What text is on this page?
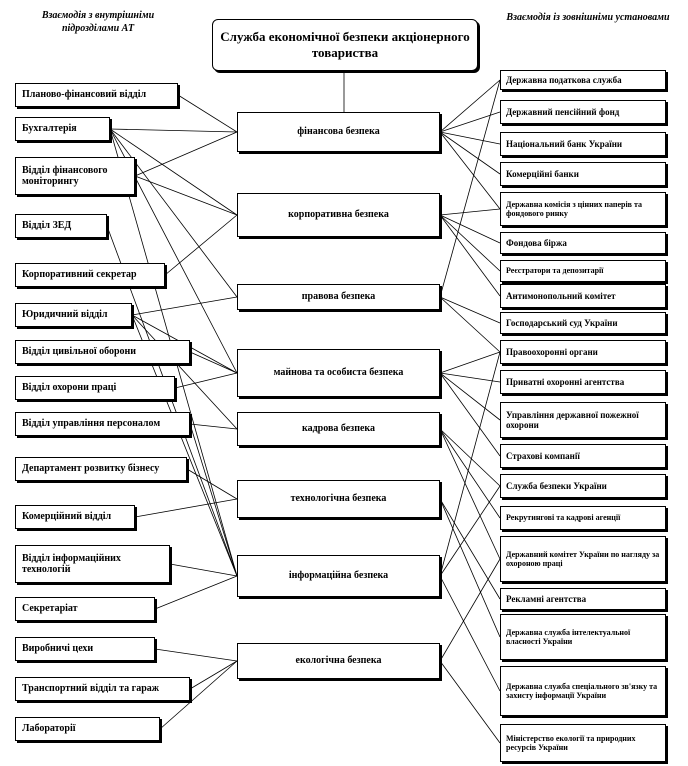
Взаємодія з внутрішніми підрозділами АТ
Взаємодія із зовнішніми установами
Служба економічної безпеки акціонерного товариства
Планово-фінансовий відділ
Бухгалтерія
Відділ фінансового моніторингу
Відділ ЗЕД
Корпоративний секретар
Юридичний відділ
Відділ цивільної оборони
Відділ охорони праці
Відділ управління персоналом
Департамент розвитку бізнесу
Комерційний відділ
Відділ інформаційних технологій
Секретаріат
Виробничі цехи
Транспортний відділ та гараж
Лабораторії
фінансова безпека
корпоративна безпека
правова безпека
майнова та особиста безпека
кадрова безпека
технологічна безпека
інформаційна безпека
екологічна безпека
Державна податкова служба
Державний пенсійний фонд
Національний банк України
Комерційні банки
Державна комісія з цінних паперів та фондового ринку
Фондова біржа
Реєстратори та депозитарії
Антимонопольний комітет
Господарський суд України
Правоохоронні органи
Приватні охоронні агентства
Управління державної пожежної охорони
Страхові компанії
Служба безпеки України
Рекрутингові та кадрові агенції
Державний комітет України по нагляду за охороною праці
Рекламні агентства
Державна служба інтелектуальної власності України
Державна служба спеціального зв'язку та захисту інформації України
Міністерство екології та природних ресурсів України
